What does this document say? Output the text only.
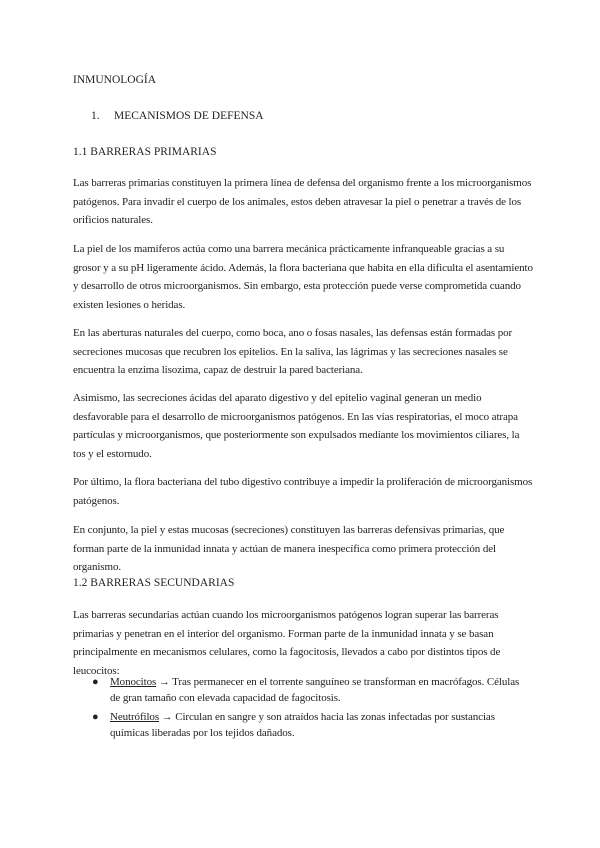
INMUNOLOGÍA
1. MECANISMOS DE DEFENSA
1.1 BARRERAS PRIMARIAS
Las barreras primarias constituyen la primera línea de defensa del organismo frente a los microorganismos patógenos. Para invadir el cuerpo de los animales, estos deben atravesar la piel o penetrar a través de los orificios naturales.
La piel de los mamíferos actúa como una barrera mecánica prácticamente infranqueable gracias a su grosor y a su pH ligeramente ácido. Además, la flora bacteriana que habita en ella dificulta el asentamiento y desarrollo de otros microorganismos. Sin embargo, esta protección puede verse comprometida cuando existen lesiones o heridas.
En las aberturas naturales del cuerpo, como boca, ano o fosas nasales, las defensas están formadas por secreciones mucosas que recubren los epitelios. En la saliva, las lágrimas y las secreciones nasales se encuentra la enzima lisozima, capaz de destruir la pared bacteriana.
Asimismo, las secreciones ácidas del aparato digestivo y del epitelio vaginal generan un medio desfavorable para el desarrollo de microorganismos patógenos. En las vías respiratorias, el moco atrapa partículas y microorganismos, que posteriormente son expulsados mediante los movimientos ciliares, la tos y el estornudo.
Por último, la flora bacteriana del tubo digestivo contribuye a impedir la proliferación de microorganismos patógenos.
En conjunto, la piel y estas mucosas (secreciones) constituyen las barreras defensivas primarias, que forman parte de la inmunidad innata y actúan de manera inespecífica como primera protección del organismo.
1.2 BARRERAS SECUNDARIAS
Las barreras secundarias actúan cuando los microorganismos patógenos logran superar las barreras primarias y penetran en el interior del organismo. Forman parte de la inmunidad innata y se basan principalmente en mecanismos celulares, como la fagocitosis, llevados a cabo por distintos tipos de leucocitos:
● Monocitos → Tras permanecer en el torrente sanguíneo se transforman en macrófagos. Células de gran tamaño con elevada capacidad de fagocitosis.
● Neutrófilos → Circulan en sangre y son atraídos hacia las zonas infectadas por sustancias químicas liberadas por los tejidos dañados.
